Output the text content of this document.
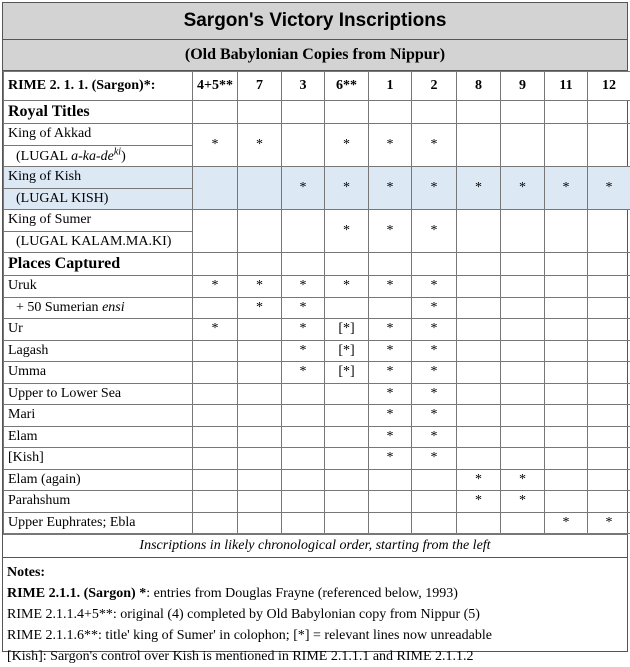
Sargon's Victory Inscriptions
(Old Babylonian Copies from Nippur)
RIME 2. 1. 1. (Sargon)*:	4+5**	7	3	6**	1	2	8	9	11	12
Royal Titles										
King of Akkad	*	*		*	*	*				
(LUGAL $a-ka-de^{ki}$)										
King of Kish			*	*	*	*	*	*	*	*
(LUGAL KISH)										
King of Sumer				*	*	*				
(LUGAL KALAM.MA.KI)										
Places Captured										
Uruk	*	*	*	*	*	*				
+ 50 Sumerian ensi		*	*			*				
Ur	*		*	[*]	*	*				
Lagash			*	[*]	*	*				
Umma			*	[*]	*	*				
Upper to Lower Sea					*	*				
Mari					*	*				
Elam					*	*				
[Kish]					*	*				
Elam (again)							*	*		
Parahshum							*	*		
Upper Euphrates; Ebla									*	*
Inscriptions in likely chronological order, starting from the left
Notes:
RIME 2.1.1. (Sargon) *: entries from Douglas Frayne (referenced below, 1993)
RIME 2.1.1.4+5**: original (4) completed by Old Babylonian copy from Nippur (5)
RIME 2.1.1.6**: title' king of Sumer' in colophon; [*] = relevant lines now unreadable
[Kish]: Sargon's control over Kish is mentioned in RIME 2.1.1.1 and RIME 2.1.1.2
